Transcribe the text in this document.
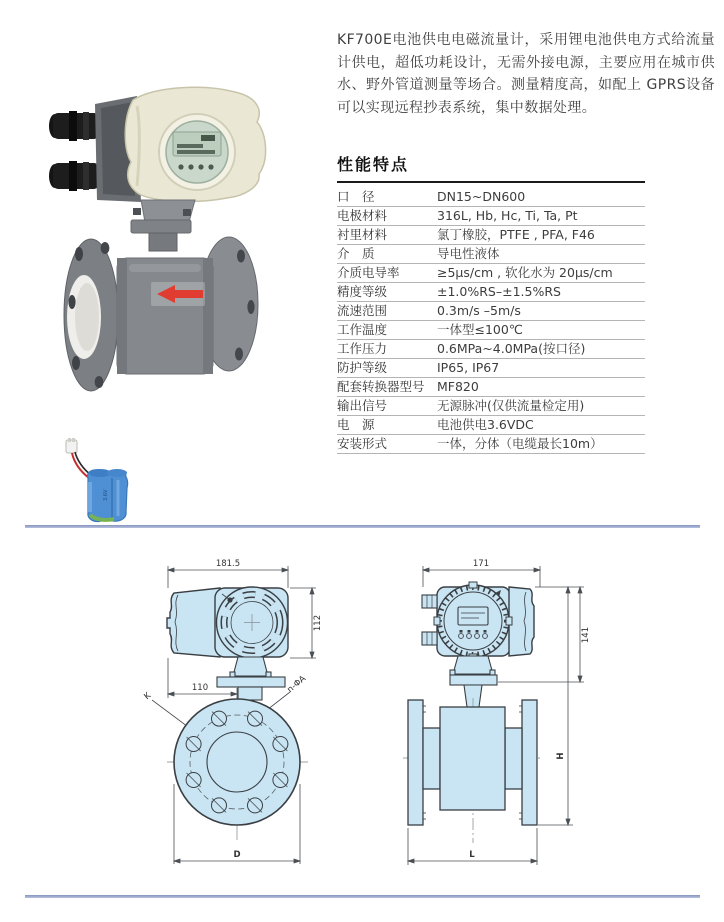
KF700E电池供电电磁流量计，采用锂电池供电方式给流量计供电，超低功耗设计，无需外接电源，主要应用在城市供水、野外管道测量等场合。测量精度高，如配上 GPRS设备可以实现远程抄表系统，集中数据处理。
性能特点
口　径	DN15~DN600
电极材料	316L, Hb, Hc, Ti, Ta, Pt
衬里材料	氯丁橡胶，PTFE , PFA, F46
介　质	导电性液体
介质电导率	≥5μs/cm , 软化水为 20μs/cm
精度等级	±1.0%RS–±1.5%RS
流速范围	0.3m/s –5m/s
工作温度	一体型≤100℃
工作压力	0.6MPa~4.0MPa(按口径)
防护等级	IP65, IP67
配套转换器型号 MF820
输出信号	无源脉冲(仅供流量检定用)
电　源	电池供电3.6VDC
安装形式	一体，分体（电缆最长10m）
3.6V
181.5
112
110	n-ΦA
K
D
171
141
H
L
